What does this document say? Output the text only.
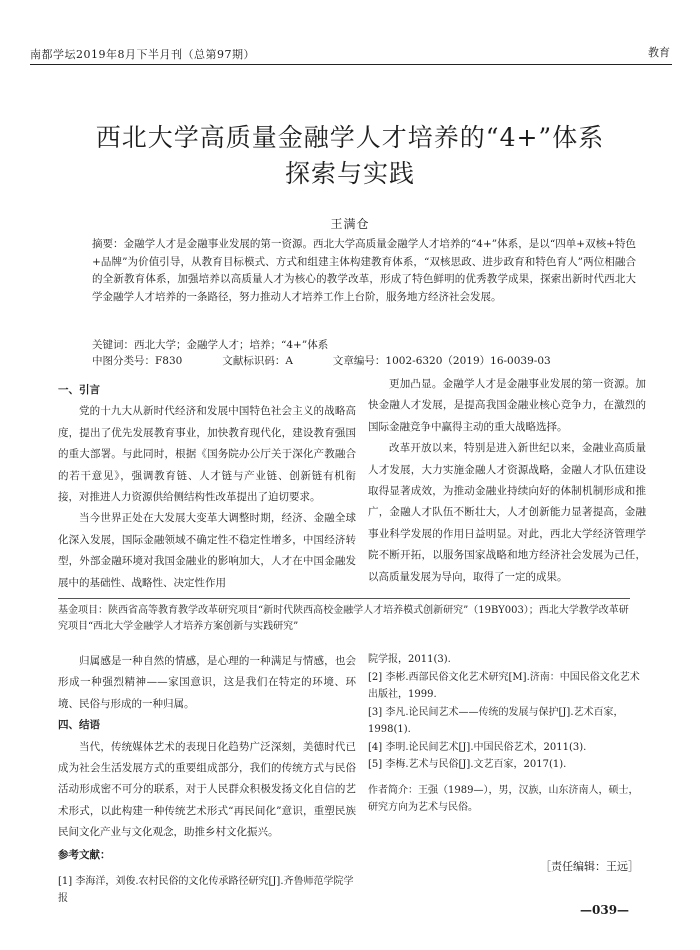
南都学坛2019年8月下半月刊（总第97期）	教育
西北大学高质量金融学人才培养的“4+”体系
探索与实践
王满仓
摘要：金融学人才是金融事业发展的第一资源。西北大学高质量金融学人才培养的“4+”体系，是以“四单+双核+特色+品牌”为价值引导，从教育目标模式、方式和组建主体构建教育体系，“双核思政、进步政育和特色育人”两位相融合的全新教育体系，加强培养以高质量人才为核心的教学改革，形成了特色鲜明的优秀教学成果，探索出新时代西北大学金融学人才培养的一条路径，努力推动人才培养工作上台阶，服务地方经济社会发展。
关键词：西北大学；金融学人才；培养；“4+”体系
中图分类号：F830	文献标识码：A	文章编号：1002-6320（2019）16-0039-03

一、引言

党的十九大从新时代经济和发展中国特色社会主义的战略高度，提出了优先发展教育事业，加快教育现代化，建设教育强国的重大部署。与此同时，根据《国务院办公厅关于深化产教融合的若干意见》，强调教育链、人才链与产业链、创新链有机衔接，对推进人力资源供给侧结构性改革提出了迫切要求。

当今世界正处在大发展大变革大调整时期，经济、金融全球化深入发展，国际金融领域不确定性不稳定性增多，中国经济转型，外部金融环境对我国金融业的影响加大，人才在中国金融发展中的基础性、战略性、决定性作用

更加凸显。金融学人才是金融事业发展的第一资源。加快金融人才发展，是提高我国金融业核心竞争力，在激烈的国际金融竞争中赢得主动的重大战略选择。

改革开放以来，特别是进入新世纪以来，金融业高质量人才发展，大力实施金融人才资源战略，金融人才队伍建设取得显著成效，为推动金融业持续向好的体制机制形成和推广，金融人才队伍不断壮大，人才创新能力显著提高，金融事业科学发展的作用日益明显。对此，西北大学经济管理学院不断开拓，以服务国家战略和地方经济社会发展为己任，以高质量发展为导向，取得了一定的成果。

基金项目：陕西省高等教育教学改革研究项目“新时代陕西高校金融学人才培养模式创新研究”（19BY003）；西北大学教学改革研究项目“西北大学金融学人才培养方案创新与实践研究”

归属感是一种自然的情感，是心理的一种满足与情感，也会形成一种强烈精神——家国意识，这是我们在特定的环境、环境、民俗与形成的一种归属。

四、结语

当代，传统媒体艺术的表现日化趋势广泛深刻，美德时代已成为社会生活发展方式的重要组成部分，我们的传统方式与民俗活动形成密不可分的联系，对于人民群众积极发扬文化自信的艺术形式，以此构建一种传统艺术形式“再民间化”意识，重塑民族民间文化产业与文化观念，助推乡村文化振兴。

院学报，2011(3).

[2] 李彬.西部民俗文化艺术研究[M].济南：中国民俗文化艺术出版社，1999.

[3] 李凡.论民间艺术——传统的发展与保护[J].艺术百家，1998(1).

[4] 李明.论民间艺术[J].中国民俗艺术，2011(3).

[5] 李梅.艺术与民俗[J].文艺百家，2017(1).

作者简介：王强（1989—），男，汉族，山东济南人，硕士，研究方向为艺术与民俗。

参考文献：

[1] 李海洋，刘俊.农村民俗的文化传承路径研究[J].齐鲁师范学院学报

［责任编辑：王远］
—039—
